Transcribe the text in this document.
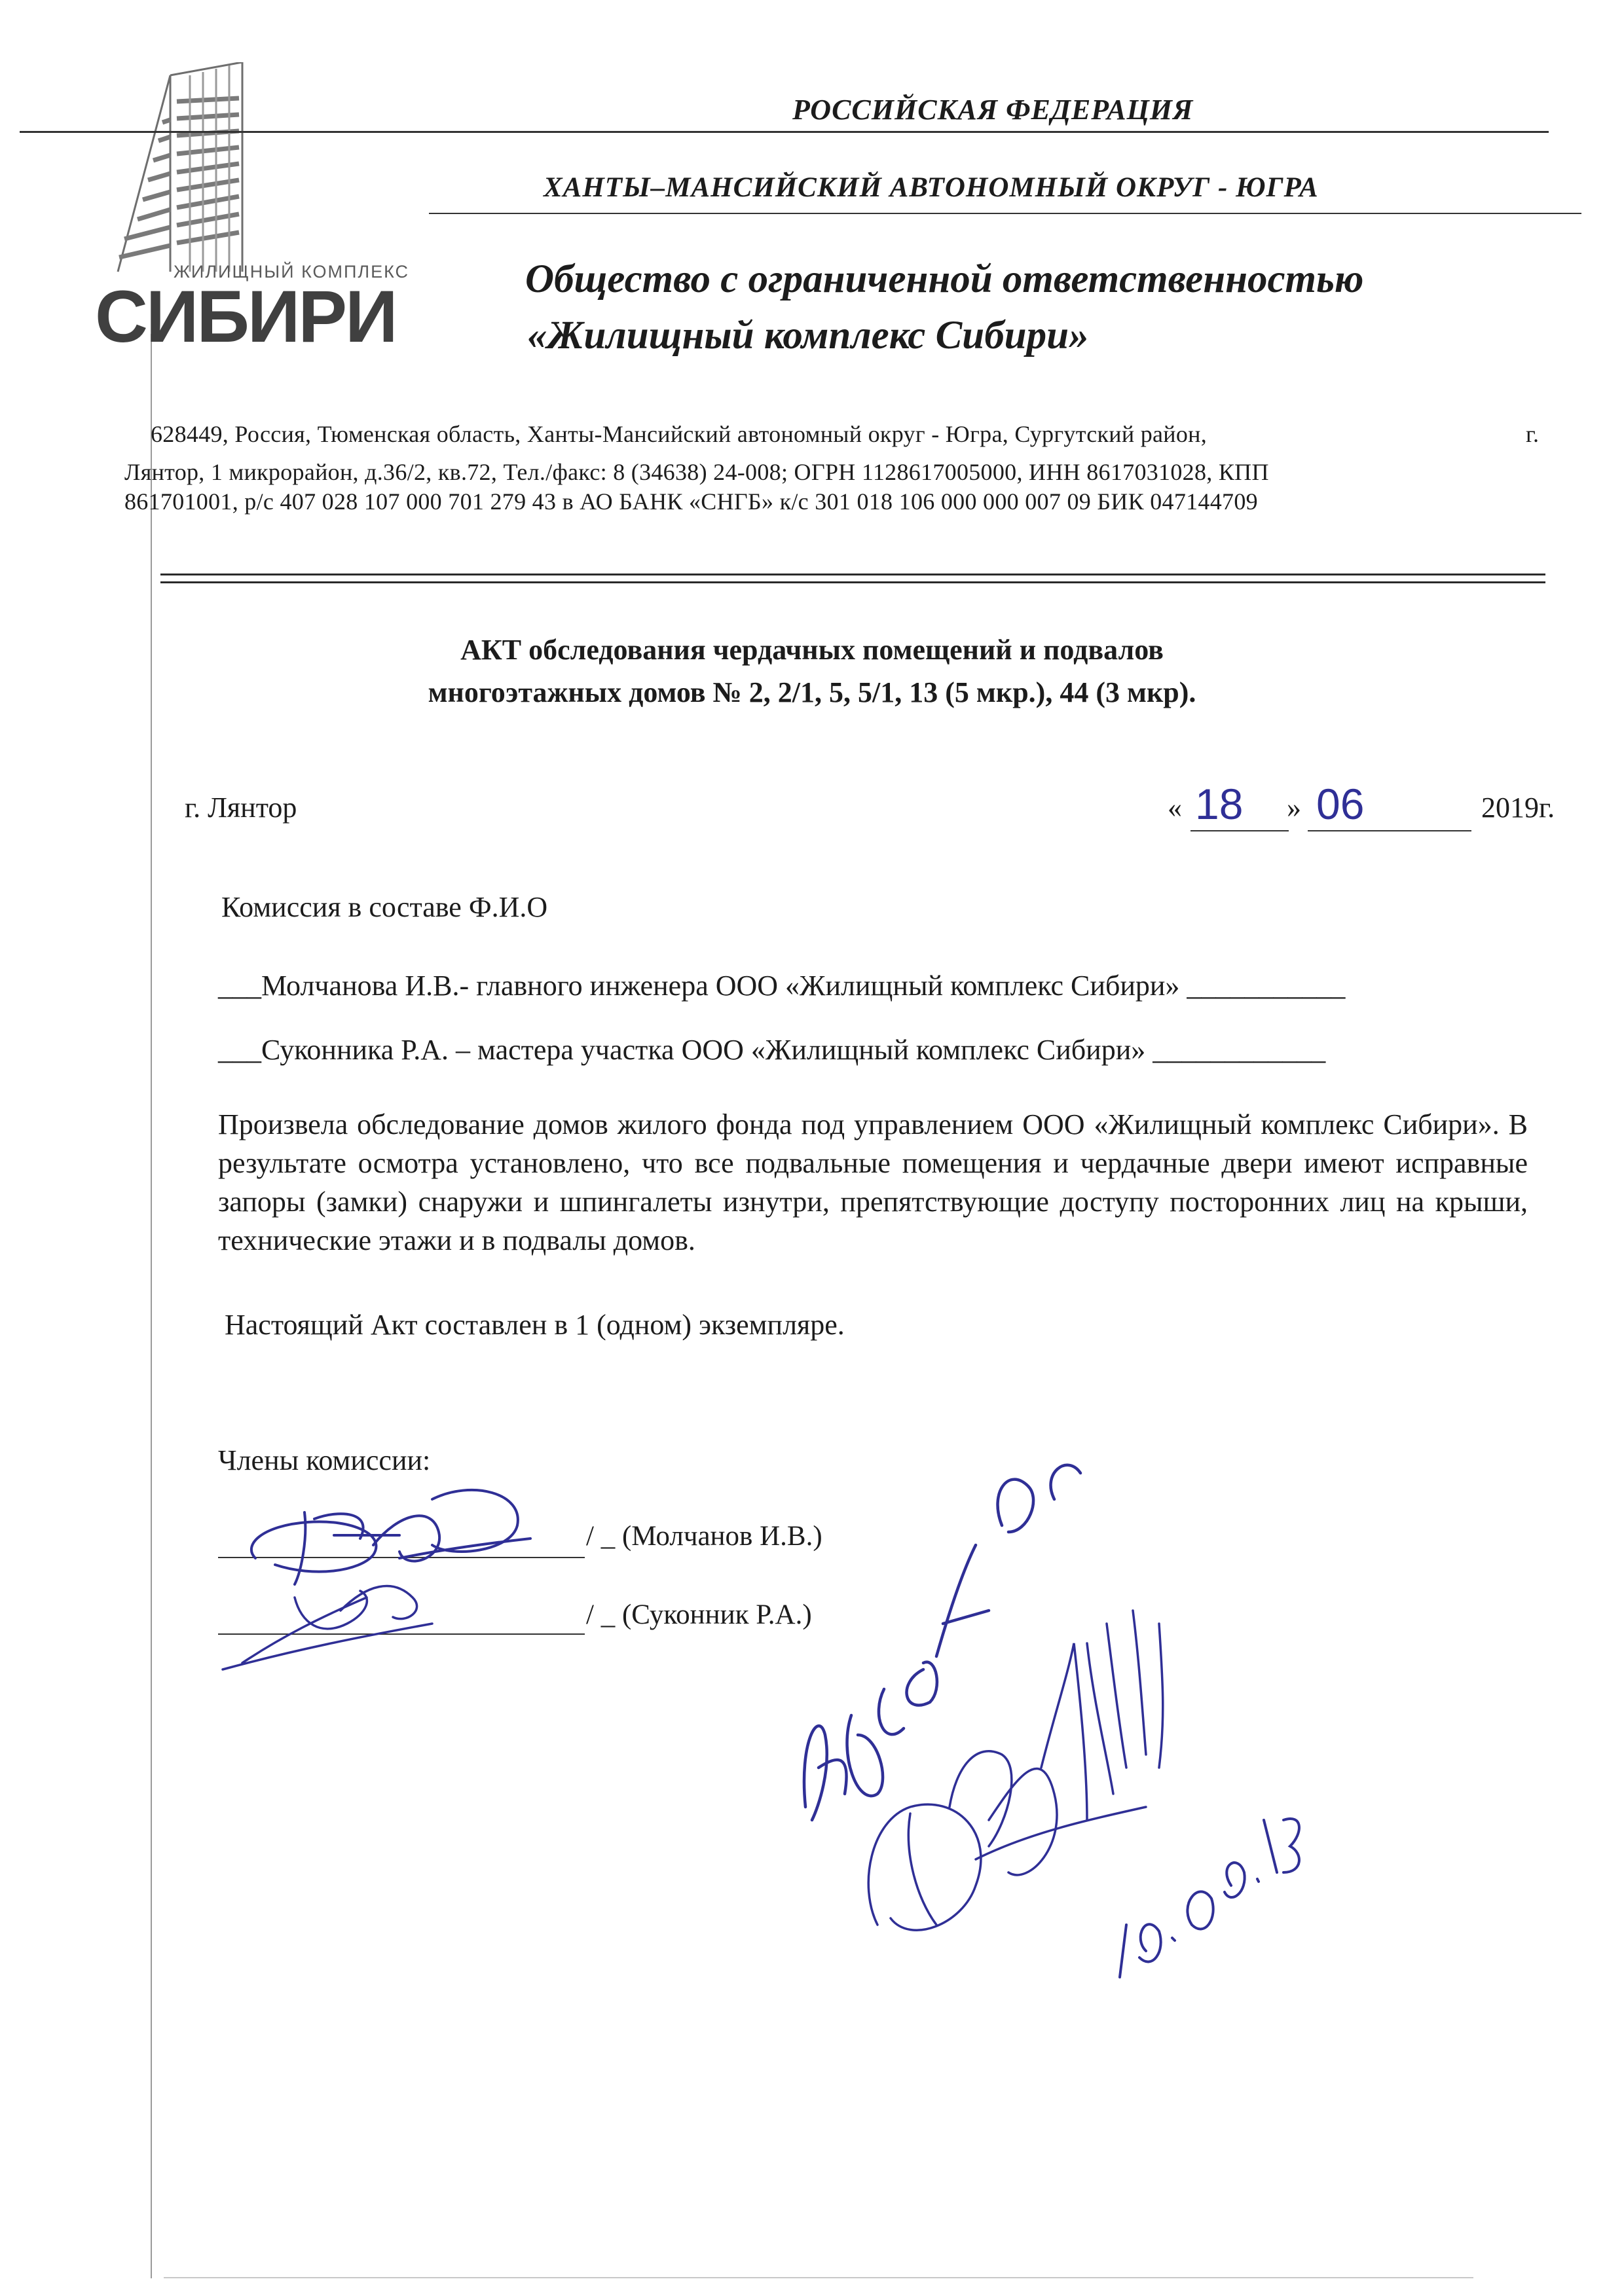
ЖИЛИЩНЫЙ КОМПЛЕКС
СИБИРИ
РОССИЙСКАЯ ФЕДЕРАЦИЯ
ХАНТЫ–МАНСИЙСКИЙ АВТОНОМНЫЙ ОКРУГ - ЮГРА
Общество с ограниченной ответственностью
«Жилищный комплекс Сибири»
628449, Россия, Тюменская область, Ханты-Мансийский автономный округ - Югра, Сургутский район,	г.
Лянтор, 1 микрорайон, д.36/2, кв.72, Тел./факс: 8 (34638) 24-008; ОГРН 1128617005000, ИНН 8617031028, КПП
861701001, р/с 407 028 107 000 701 279 43 в АО БАНК «СНГБ» к/с 301 018 106 000 000 007 09 БИК 047144709
АКТ обследования чердачных помещений и подвалов
многоэтажных домов № 2, 2/1, 5, 5/1, 13 (5 мкр.), 44 (3 мкр).
г. Лянтор	« 18 » 06	2019г.
Комиссия в составе Ф.И.О
___Молчанова И.В.- главного инженера ООО «Жилищный комплекс Сибири» ___________
___Суконника Р.А. – мастера участка ООО «Жилищный комплекс Сибири» ____________
Произвела обследование домов жилого фонда под управлением ООО «Жилищный комплекс Сибири». В результате осмотра установлено, что все подвальные помещения и чердачные двери имеют исправные запоры (замки) снаружи и шпингалеты изнутри, препятствующие доступу посторонних лиц на крыши, технические этажи и в подвалы домов.
Настоящий Акт составлен в 1 (одном) экземпляре.
Члены комиссии:
/ _ (Молчанов И.В.)
/ _ (Суконник Р.А.)
